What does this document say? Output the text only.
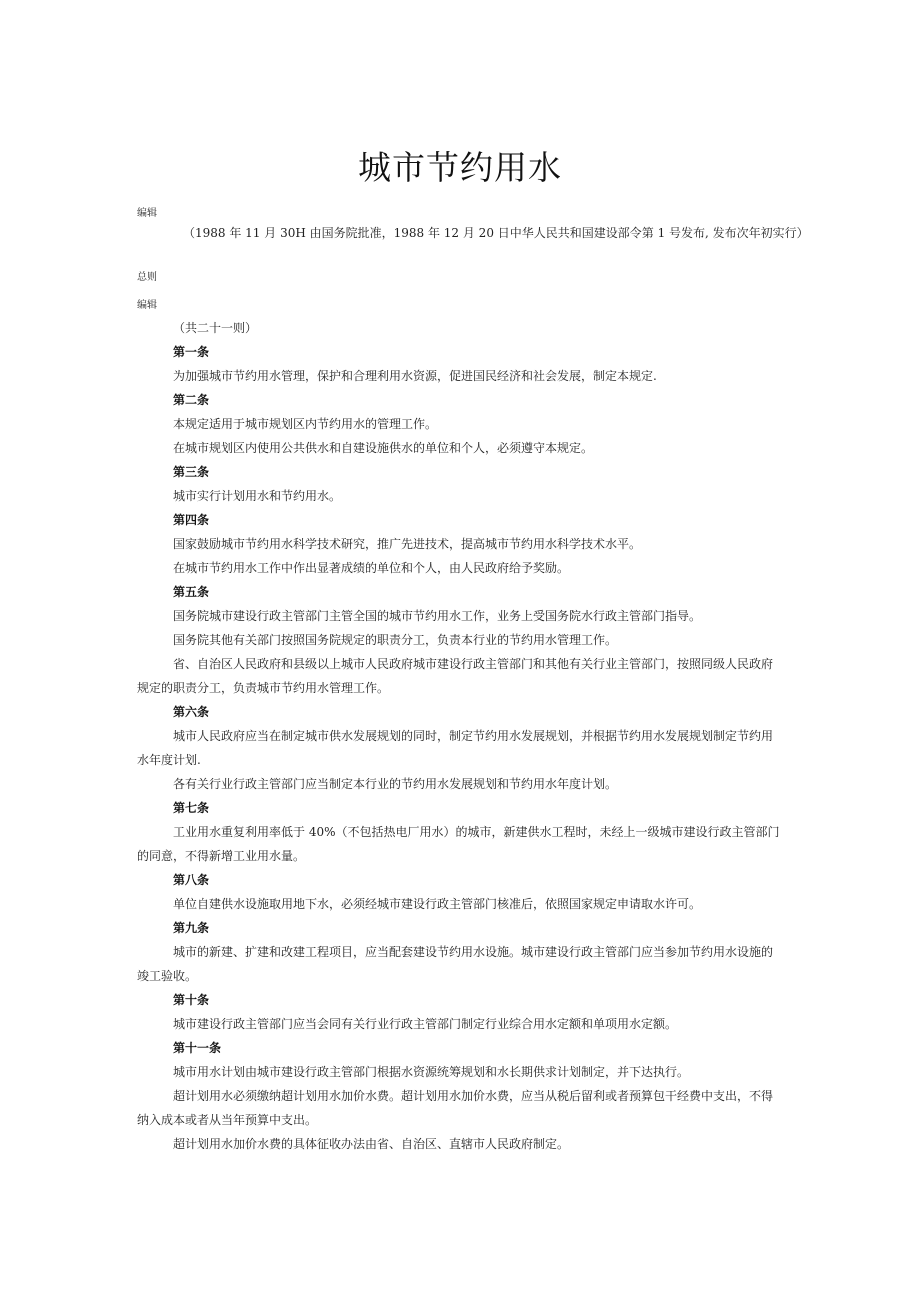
城市节约用水
编辑
（1988 年 11 月 30H 由国务院批准，1988 年 12 月 20 日中华人民共和国建设部令第 1 号发布, 发布次年初实行）
总则
编辑

（共二十一则）

第一条

为加强城市节约用水管理，保护和合理利用水资源，促进国民经济和社会发展，制定本规定.

第二条

本规定适用于城市规划区内节约用水的管理工作。

在城市规划区内使用公共供水和自建设施供水的单位和个人，必须遵守本规定。

第三条

城市实行计划用水和节约用水。

第四条

国家鼓励城市节约用水科学技术研究，推广先进技术，提高城市节约用水科学技术水平。

在城市节约用水工作中作出显著成绩的单位和个人，由人民政府给予奖励。

第五条

国务院城市建设行政主管部门主管全国的城市节约用水工作，业务上受国务院水行政主管部门指导。

国务院其他有关部门按照国务院规定的职责分工，负责本行业的节约用水管理工作。

省、自治区人民政府和县级以上城市人民政府城市建设行政主管部门和其他有关行业主管部门，按照同级人民政府规定的职责分工，负责城市节约用水管理工作。

第六条

城市人民政府应当在制定城市供水发展规划的同时，制定节约用水发展规划，并根据节约用水发展规划制定节约用水年度计划.

各有关行业行政主管部门应当制定本行业的节约用水发展规划和节约用水年度计划。

第七条

工业用水重复利用率低于 40%（不包括热电厂用水）的城市，新建供水工程时，未经上一级城市建设行政主管部门的同意，不得新增工业用水量。

第八条

单位自建供水设施取用地下水，必须经城市建设行政主管部门核准后，依照国家规定申请取水许可。

第九条

城市的新建、扩建和改建工程项目，应当配套建设节约用水设施。城市建设行政主管部门应当参加节约用水设施的竣工验收。

第十条

城市建设行政主管部门应当会同有关行业行政主管部门制定行业综合用水定额和单项用水定额。

第十一条

城市用水计划由城市建设行政主管部门根据水资源统筹规划和水长期供求计划制定，并下达执行。

超计划用水必须缴纳超计划用水加价水费。超计划用水加价水费，应当从税后留利或者预算包干经费中支出，不得纳入成本或者从当年预算中支出。

超计划用水加价水费的具体征收办法由省、自治区、直辖市人民政府制定。
